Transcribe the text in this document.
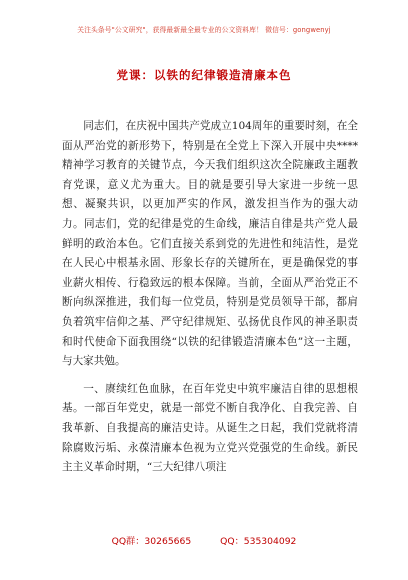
关注头条号"公文研究"，获得最新最全最专业的公文资料库！ 微信号：gongwenyj
党课：以铁的纪律锻造清廉本色

同志们，在庆祝中国共产党成立104周年的重要时刻，在全面从严治党的新形势下，特别是在全党上下深入开展中央****精神学习教育的关键节点，今天我们组织这次全院廉政主题教育党课，意义尤为重大。目的就是要引导大家进一步统一思想、凝聚共识，以更加严实的作风，激发担当作为的强大动力。同志们，党的纪律是党的生命线，廉洁自律是共产党人最鲜明的政治本色。它们直接关系到党的先进性和纯洁性，是党在人民心中根基永固、形象长存的关键所在，更是确保党的事业薪火相传、行稳致远的根本保障。当前，全面从严治党正不断向纵深推进，我们每一位党员，特别是党员领导干部，都肩负着筑牢信仰之基、严守纪律规矩、弘扬优良作风的神圣职责和时代使命下面我围绕“以铁的纪律锻造清廉本色”这一主题，与大家共勉。

一、赓续红色血脉，在百年党史中筑牢廉洁自律的思想根基。一部百年党史，就是一部党不断自我净化、自我完善、自我革新、自我提高的廉洁史诗。从诞生之日起，我们党就将清除腐败污垢、永葆清廉本色视为立党兴党强党的生命线。新民主主义革命时期，“三大纪律八项注

QQ群：30265665	QQ：535304092
